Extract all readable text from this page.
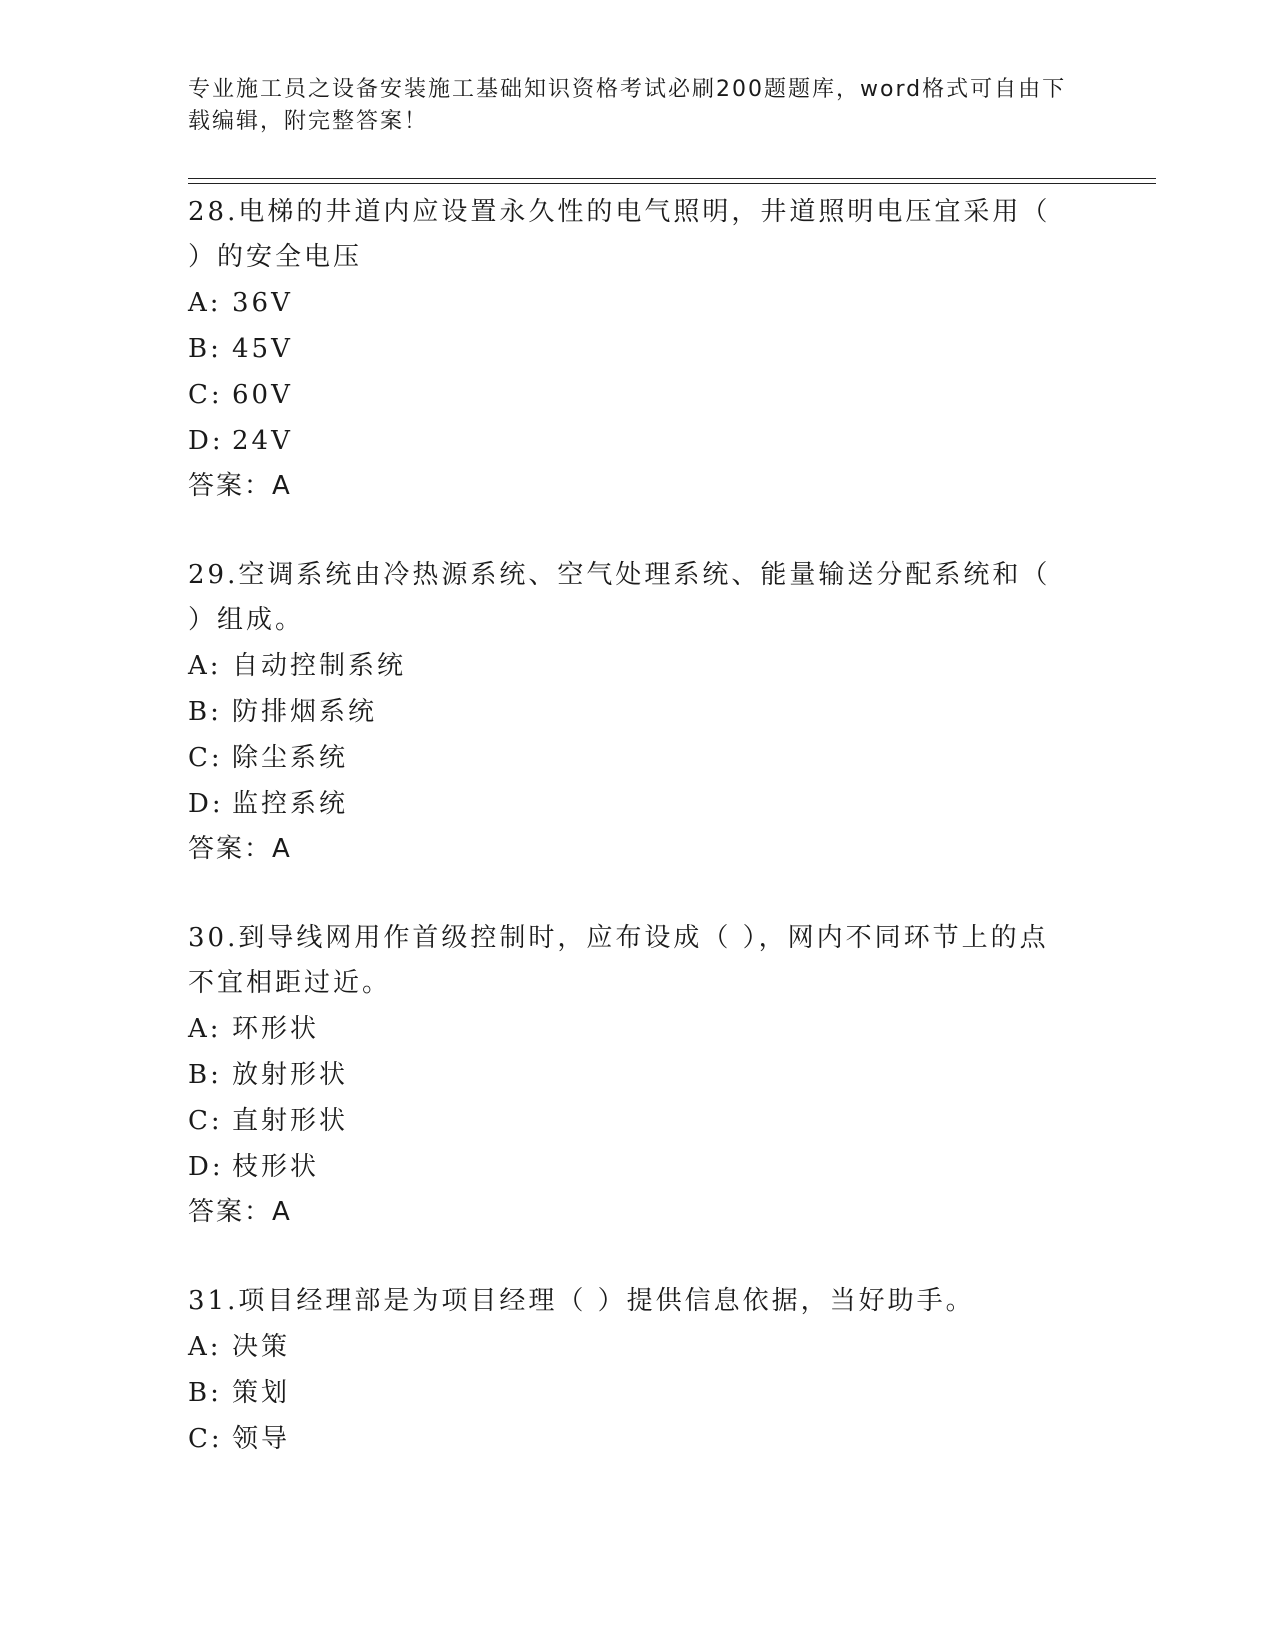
专业施工员之设备安装施工基础知识资格考试必刷200题题库，word格式可自由下载编辑，附完整答案！

28.电梯的井道内应设置永久性的电气照明，井道照明电压宜采用（ ）的安全电压

A: 36V

B: 45V

C: 60V

D: 24V

答案：A

29.空调系统由冷热源系统、空气处理系统、能量输送分配系统和（ ）组成。

A: 自动控制系统

B: 防排烟系统

C: 除尘系统

D: 监控系统

答案：A

30.到导线网用作首级控制时，应布设成（ ），网内不同环节上的点不宜相距过近。

A: 环形状

B: 放射形状

C: 直射形状

D: 枝形状

答案：A

31.项目经理部是为项目经理（ ）提供信息依据，当好助手。

A: 决策

B: 策划

C: 领导
